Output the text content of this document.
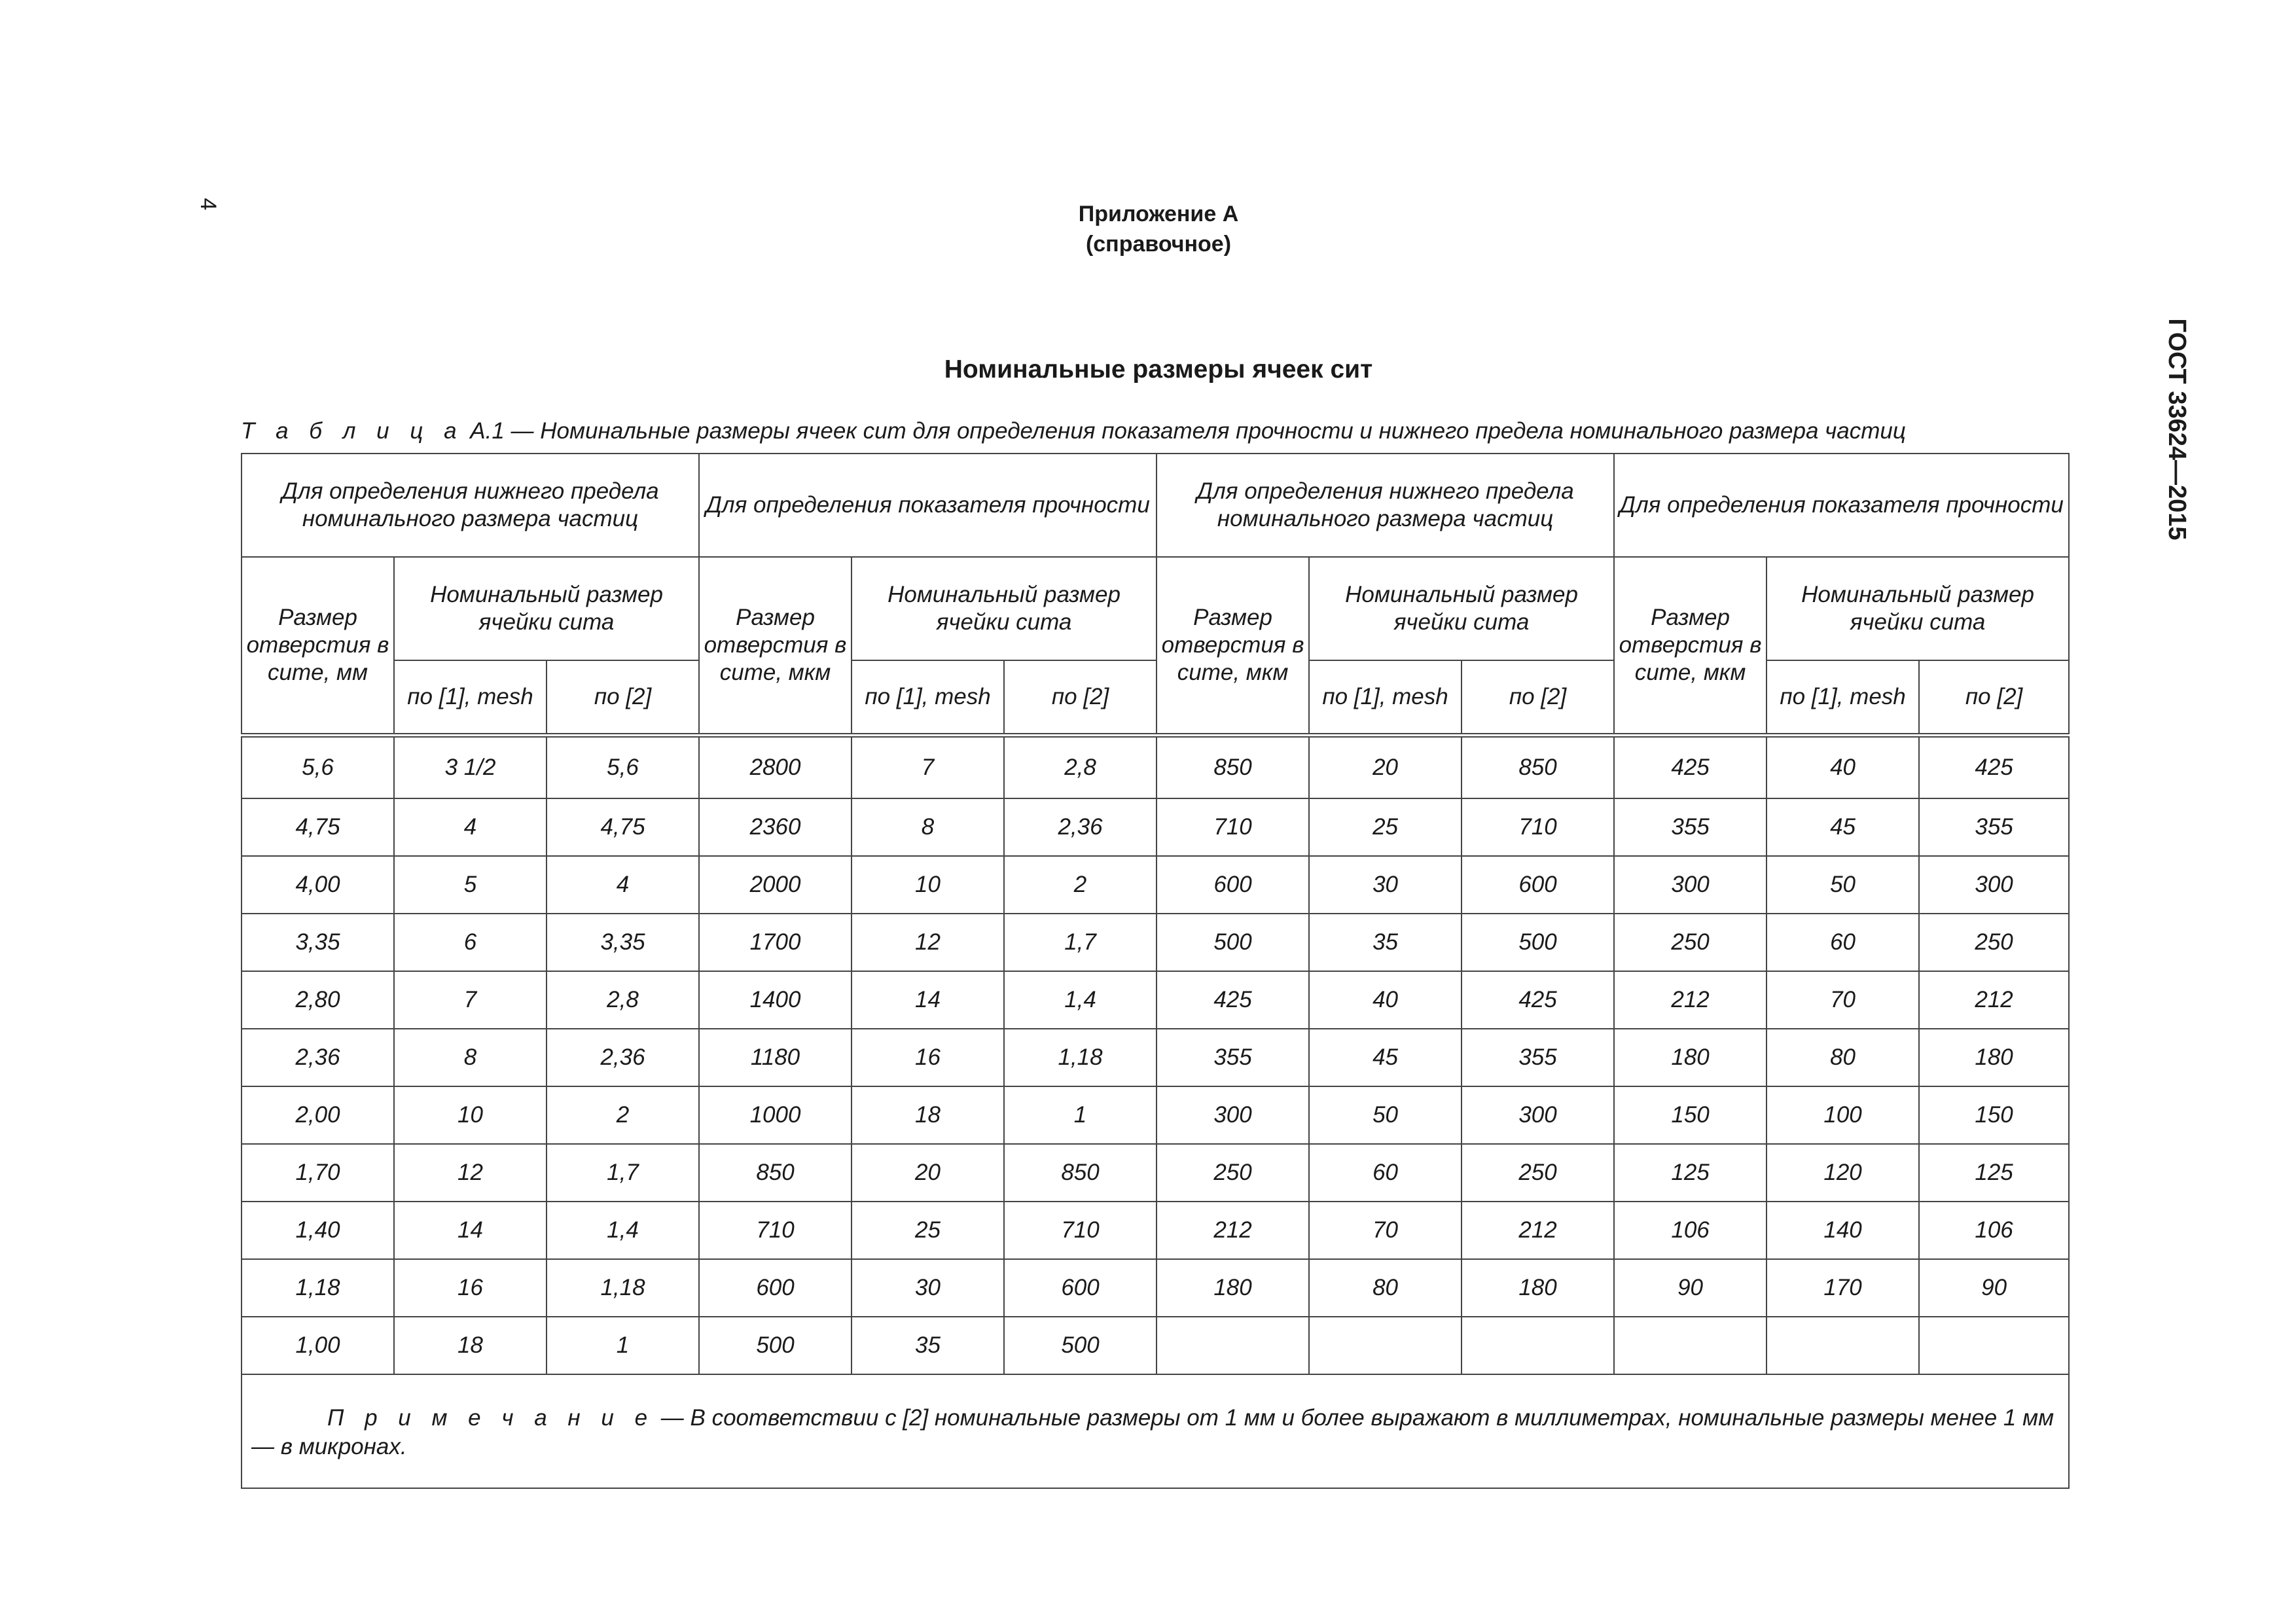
4
ГОСТ 33624—2015
Приложение А
(справочное)
Номинальные размеры ячеек сит
Т а б л и ц а А.1 — Номинальные размеры ячеек сит для определения показателя прочности и нижнего предела номинального размера частиц
Для определения нижнего предела номинального размера частиц			Для определения показателя прочности			Для определения нижнего предела номинального размера частиц			Для определения показателя прочности		
Размер отверстия в сите, мм	Номинальный размер ячейки сита		Размер отверстия в сите, мкм	Номинальный размер ячейки сита		Размер отверстия в сите, мкм	Номинальный размер ячейки сита		Размер отверстия в сите, мкм	Номинальный размер ячейки сита	
	по [1], mesh	по [2]		по [1], mesh	по [2]		по [1], mesh	по [2]		по [1], mesh	по [2]
5,6	3 1/2	5,6	2800	7	2,8	850	20	850	425	40	425
4,75	4	4,75	2360	8	2,36	710	25	710	355	45	355
4,00	5	4	2000	10	2	600	30	600	300	50	300
3,35	6	3,35	1700	12	1,7	500	35	500	250	60	250
2,80	7	2,8	1400	14	1,4	425	40	425	212	70	212
2,36	8	2,36	1180	16	1,18	355	45	355	180	80	180
2,00	10	2	1000	18	1	300	50	300	150	100	150
1,70	12	1,7	850	20	850	250	60	250	125	120	125
1,40	14	1,4	710	25	710	212	70	212	106	140	106
1,18	16	1,18	600	30	600	180	80	180	90	170	90
1,00	18	1	500	35	500						
П р и м е ч а н и е — В соответствии с [2] номинальные размеры от 1 мм и более выражают в миллиметрах, номинальные размеры менее 1 мм — в микронах.											
